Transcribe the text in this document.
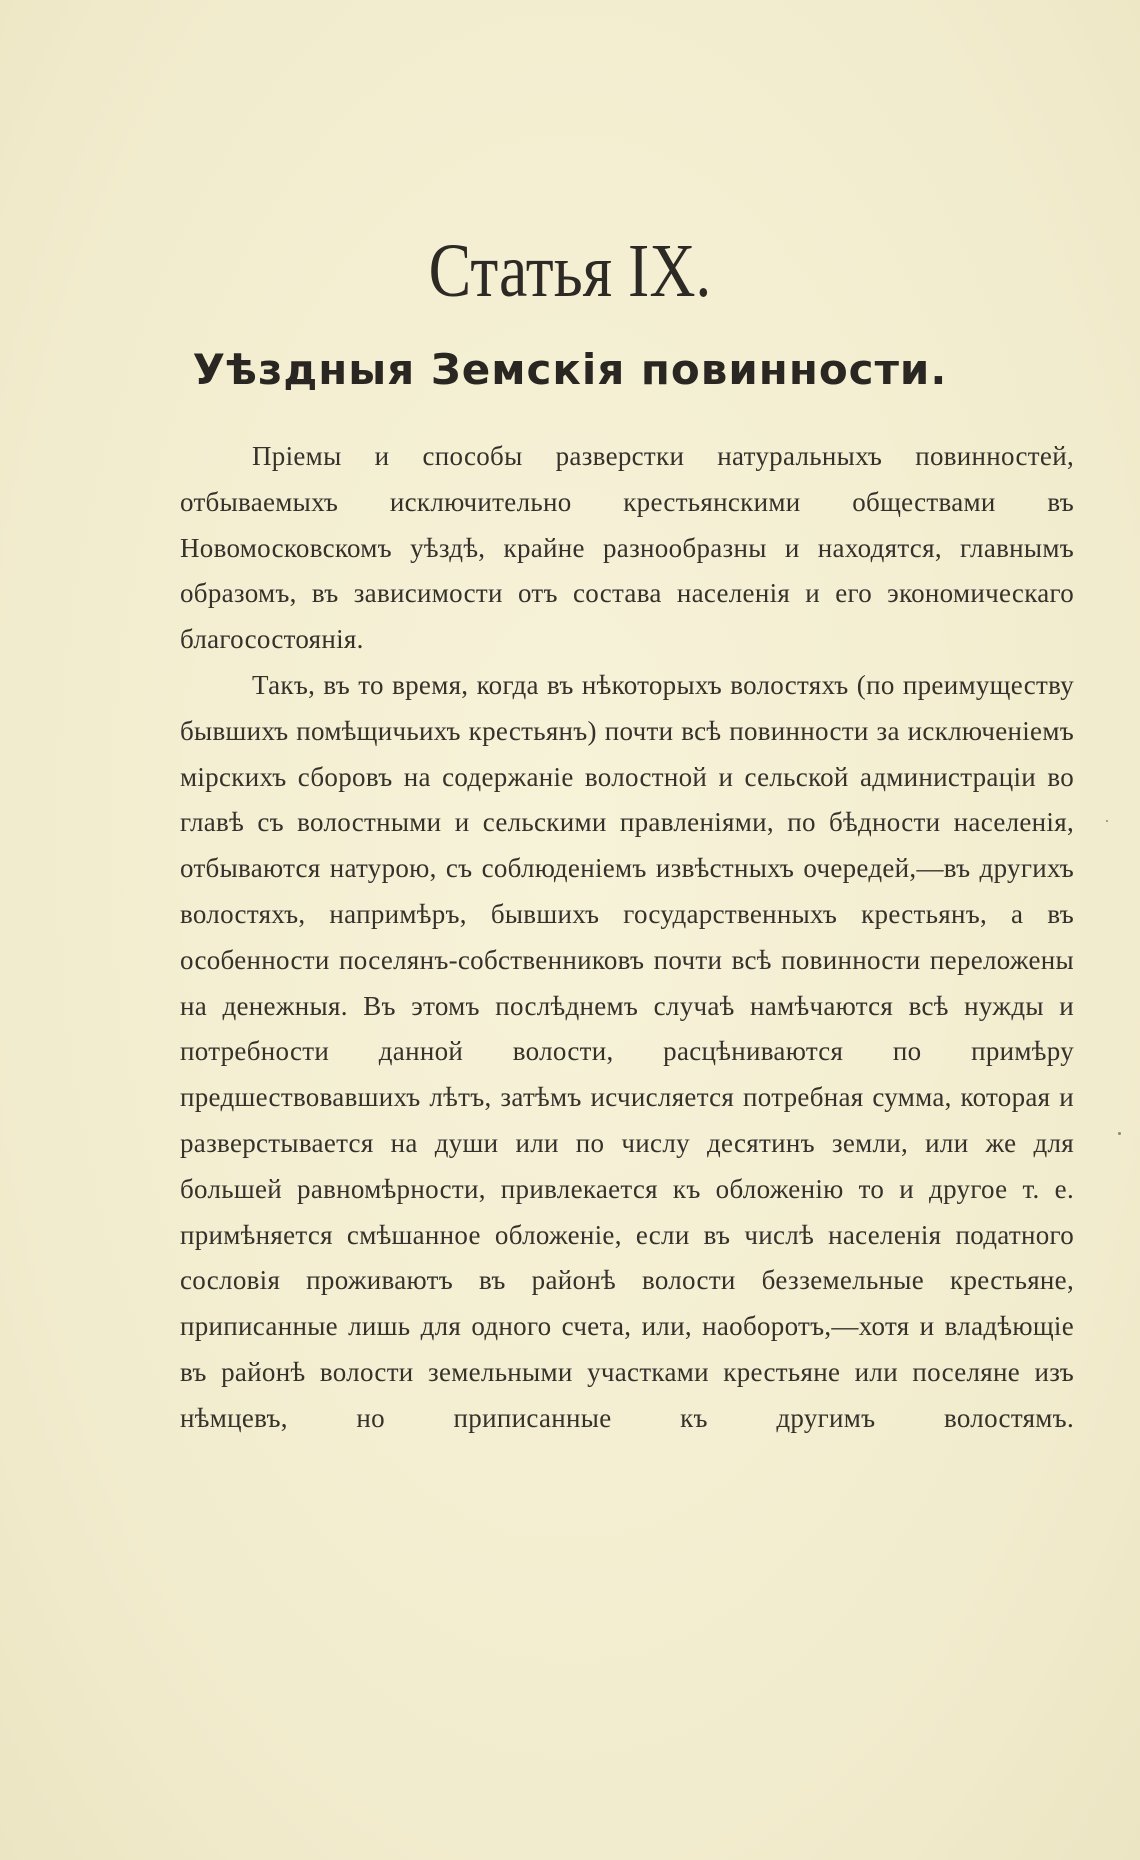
Статья IX.
Уѣздныя Земскія повинности.

Пріемы и способы разверстки натуральныхъ повинностей, отбываемыхъ исключительно крестьянскими обществами въ Новомосковскомъ уѣздѣ, крайне разнообразны и находятся, главнымъ образомъ, въ зависимости отъ состава населенія и его экономическаго благосостоянія.

Такъ, въ то время, когда въ нѣкоторыхъ волостяхъ (по преимуществу бывшихъ помѣщичьихъ крестьянъ) почти всѣ повинности за исключеніемъ мірскихъ сборовъ на содержаніе волостной и сельской администраціи во главѣ съ волостными и сельскими правленіями, по бѣдности населенія, отбываются натурою, съ соблюденіемъ извѣстныхъ очередей,—въ другихъ волостяхъ, напримѣръ, бывшихъ государственныхъ крестьянъ, а въ особенности поселянъ-собственниковъ почти всѣ повинности переложены на денежныя. Въ этомъ послѣднемъ случаѣ намѣчаются всѣ нужды и потребности данной волости, расцѣниваются по примѣру предшествовавшихъ лѣтъ, затѣмъ исчисляется потребная сумма, которая и разверстывается на души или по числу десятинъ земли, или же для большей равномѣрности, привлекается къ обложенію то и другое т. е. примѣняется смѣшанное обложеніе, если въ числѣ населенія податного сословія проживаютъ въ районѣ волости безземельные крестьяне, приписанные лишь для одного счета, или, наоборотъ,—хотя и владѣющіе въ районѣ волости земельными участками крестьяне или поселяне изъ нѣмцевъ, но приписанные къ другимъ волостямъ.
